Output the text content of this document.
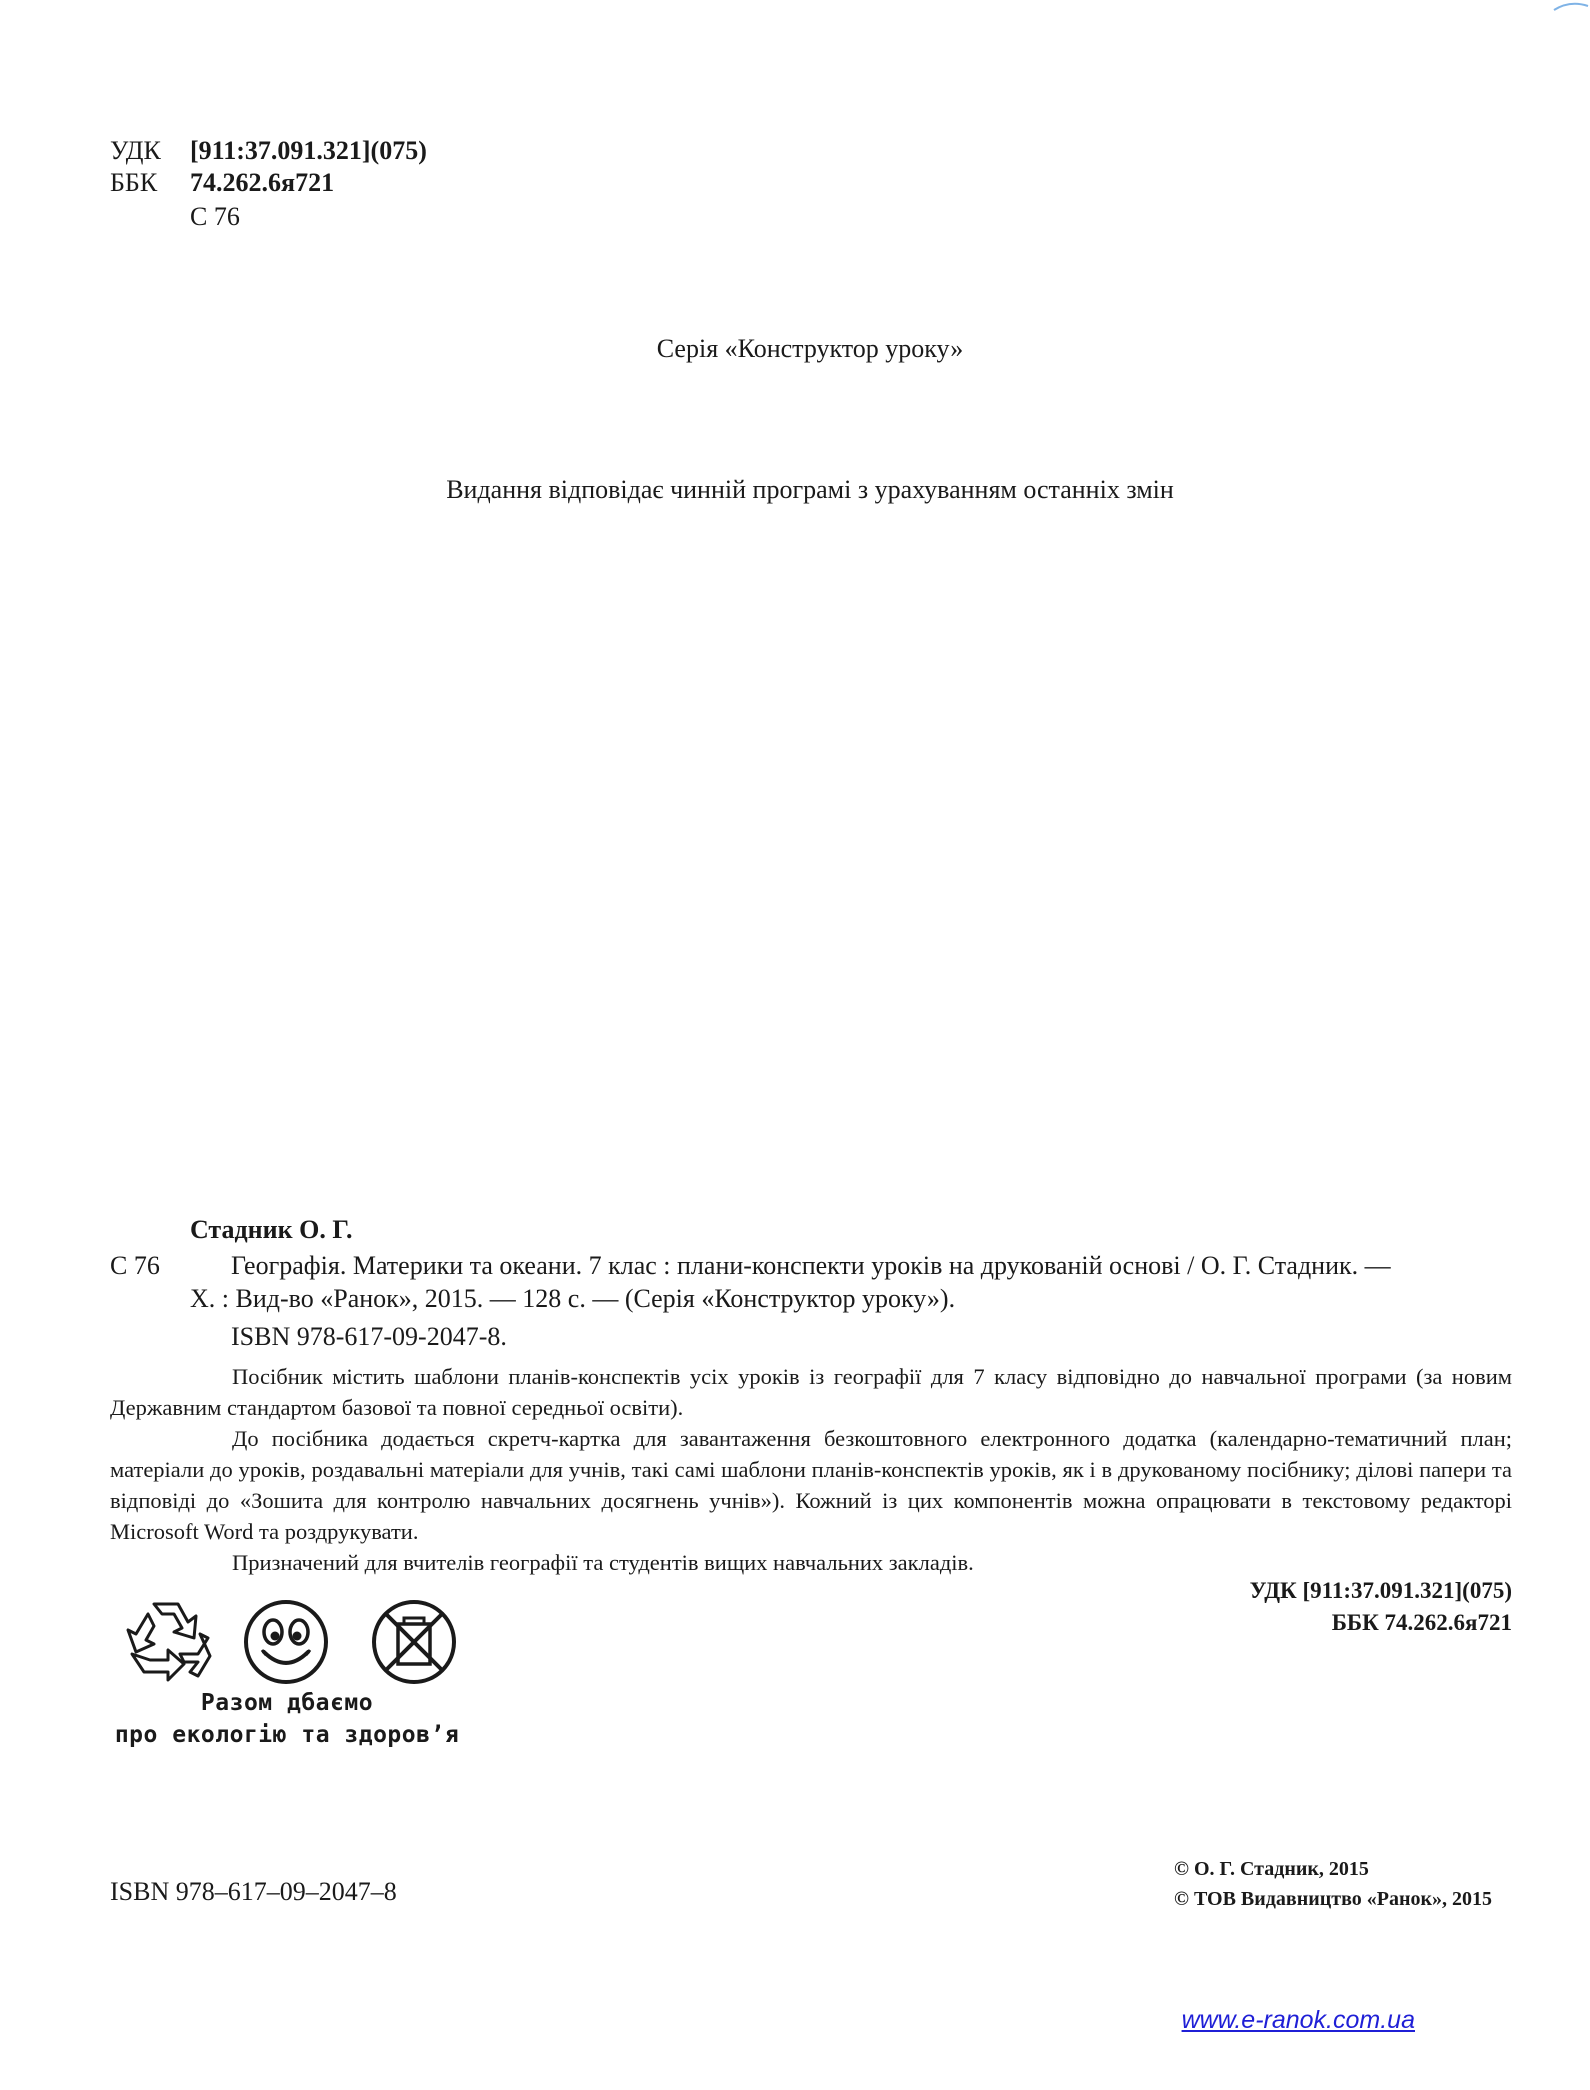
УДК [911:37.091.321](075)
ББК 74.262.6я721
С 76
Серія «Конструктор уроку»
Видання відповідає чинній програмі з урахуванням останніх змін
Стадник О. Г.
С 76	Географія. Материки та океани. 7 клас : плани-конспекти уроків на друкованій основі / О. Г. Стадник. —
Х. : Вид-во «Ранок», 2015. — 128 с. — (Серія «Конструктор уроку»).
ISBN 978-617-09-2047-8.

Посібник містить шаблони планів-конспектів усіх уроків із географії для 7 класу відповідно до навчальної програми (за новим Державним стандартом базової та повної середньої освіти).

До посібника додається скретч-картка для завантаження безкоштовного електронного додатка (календарно-тематичний план; матеріали до уроків, роздавальні матеріали для учнів, такі самі шаблони планів-конспектів уроків, як і в друкованому посібнику; ділові папери та відповіді до «Зошита для контролю навчальних досягнень учнів»). Кожний із цих компонентів можна опрацювати в текстовому редакторі Microsoft Word та роздрукувати.

Призначений для вчителів географії та студентів вищих навчальних закладів.

УДК [911:37.091.321](075)
ББК 74.262.6я721
Разом дбаємо
про екологію та здоров’я
ISBN 978–617–09–2047–8
© О. Г. Стадник, 2015
© ТОВ Видавництво «Ранок», 2015
www.e-ranok.com.ua
